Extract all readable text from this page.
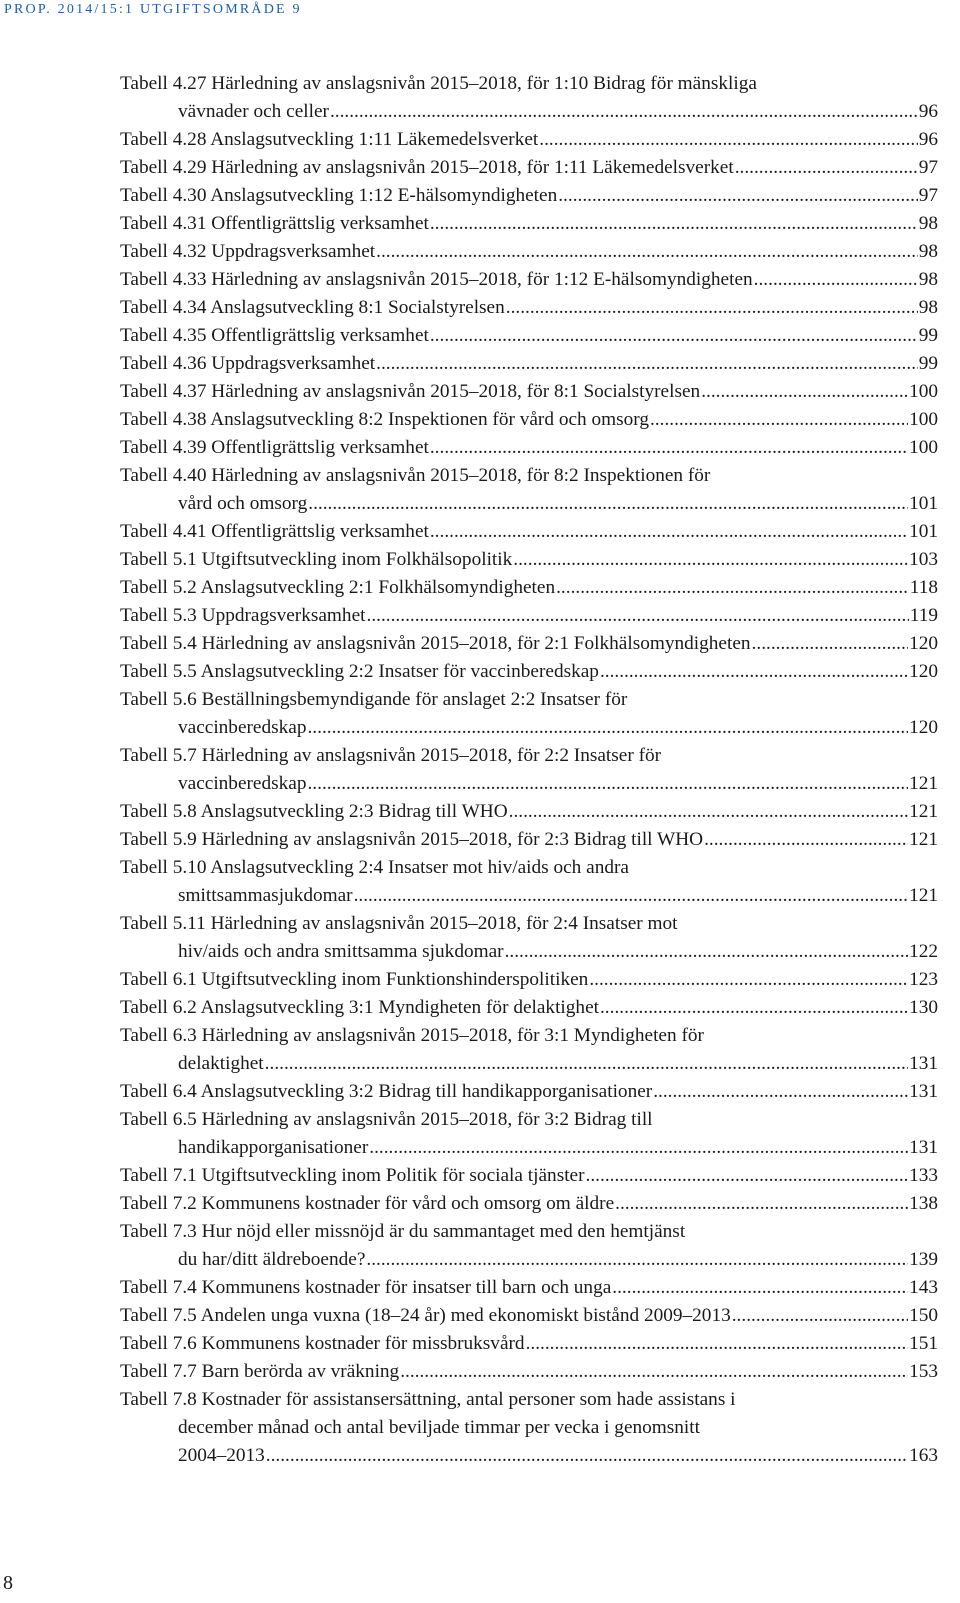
PROP. 2014/15:1 UTGIFTSOMRÅDE 9
Tabell 4.27 Härledning av anslagsnivån 2015–2018, för 1:10 Bidrag för mänskliga
vävnader och celler .....	96
Tabell 4.28 Anslagsutveckling 1:11 Läkemedelsverket .....	96
Tabell 4.29 Härledning av anslagsnivån 2015–2018, för 1:11 Läkemedelsverket .....	97
Tabell 4.30 Anslagsutveckling 1:12 E-hälsomyndigheten .....	97
Tabell 4.31 Offentligrättslig verksamhet .....	98
Tabell 4.32 Uppdragsverksamhet .....	98
Tabell 4.33 Härledning av anslagsnivån 2015–2018, för 1:12 E-hälsomyndigheten .....	98
Tabell 4.34 Anslagsutveckling 8:1 Socialstyrelsen .....	98
Tabell 4.35 Offentligrättslig verksamhet .....	99
Tabell 4.36 Uppdragsverksamhet .....	99
Tabell 4.37 Härledning av anslagsnivån 2015–2018, för 8:1 Socialstyrelsen .....	100
Tabell 4.38 Anslagsutveckling 8:2 Inspektionen för vård och omsorg .....	100
Tabell 4.39 Offentligrättslig verksamhet .....	100
Tabell 4.40 Härledning av anslagsnivån 2015–2018, för 8:2 Inspektionen för
vård och omsorg .....	101
Tabell 4.41 Offentligrättslig verksamhet .....	101
Tabell 5.1 Utgiftsutveckling inom Folkhälsopolitik .....	103
Tabell 5.2 Anslagsutveckling 2:1 Folkhälsomyndigheten .....	118
Tabell 5.3 Uppdragsverksamhet .....	119
Tabell 5.4 Härledning av anslagsnivån 2015–2018, för 2:1 Folkhälsomyndigheten .....	120
Tabell 5.5 Anslagsutveckling 2:2 Insatser för vaccinberedskap .....	120
Tabell 5.6 Beställningsbemyndigande för anslaget 2:2 Insatser för
vaccinberedskap .....	120
Tabell 5.7 Härledning av anslagsnivån 2015–2018, för 2:2 Insatser för
vaccinberedskap .....	121
Tabell 5.8 Anslagsutveckling 2:3 Bidrag till WHO .....	121
Tabell 5.9 Härledning av anslagsnivån 2015–2018, för 2:3 Bidrag till WHO .....	121
Tabell 5.10 Anslagsutveckling 2:4 Insatser mot hiv/aids och andra
smittsammasjukdomar .....	121
Tabell 5.11 Härledning av anslagsnivån 2015–2018, för 2:4 Insatser mot
hiv/aids och andra smittsamma sjukdomar .....	122
Tabell 6.1 Utgiftsutveckling inom Funktionshinderspolitiken .....	123
Tabell 6.2 Anslagsutveckling 3:1 Myndigheten för delaktighet .....	130
Tabell 6.3 Härledning av anslagsnivån 2015–2018, för 3:1 Myndigheten för
delaktighet .....	131
Tabell 6.4 Anslagsutveckling 3:2 Bidrag till handikapporganisationer .....	131
Tabell 6.5 Härledning av anslagsnivån 2015–2018, för 3:2 Bidrag till
handikapporganisationer .....	131
Tabell 7.1 Utgiftsutveckling inom Politik för sociala tjänster .....	133
Tabell 7.2 Kommunens kostnader för vård och omsorg om äldre .....	138
Tabell 7.3 Hur nöjd eller missnöjd är du sammantaget med den hemtjänst
du har/ditt äldreboende? .....	139
Tabell 7.4 Kommunens kostnader för insatser till barn och unga .....	143
Tabell 7.5 Andelen unga vuxna (18–24 år) med ekonomiskt bistånd 2009–2013 .....	150
Tabell 7.6 Kommunens kostnader för missbruksvård .....	151
Tabell 7.7 Barn berörda av vräkning .....	153
Tabell 7.8 Kostnader för assistansersättning, antal personer som hade assistans i
december månad och antal beviljade timmar per vecka i genomsnitt
2004–2013 .....	163
8
